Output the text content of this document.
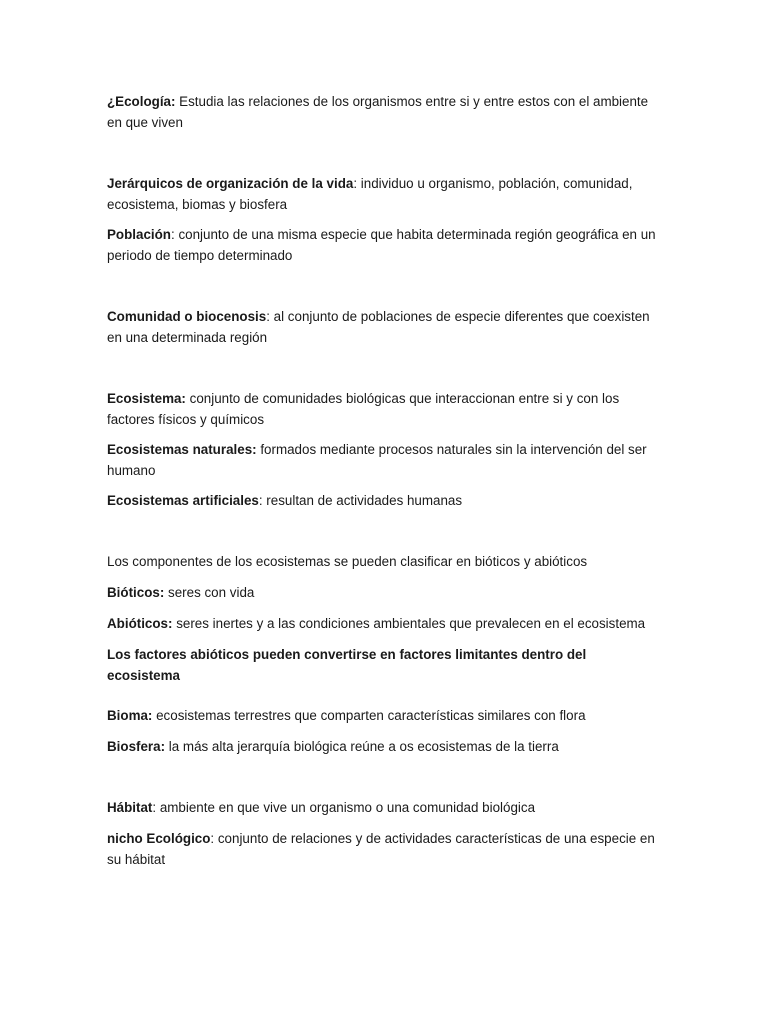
¿Ecología: Estudia las relaciones de los organismos entre si y entre estos con el ambiente en que viven

Jerárquicos de organización de la vida: individuo u organismo, población, comunidad, ecosistema, biomas y biosfera

Población: conjunto de una misma especie que habita determinada región geográfica en un periodo de tiempo determinado

Comunidad o biocenosis: al conjunto de poblaciones de especie diferentes que coexisten en una determinada región

Ecosistema: conjunto de comunidades biológicas que interaccionan entre si y con los factores físicos y químicos

Ecosistemas naturales: formados mediante procesos naturales sin la intervención del ser humano

Ecosistemas artificiales: resultan de actividades humanas

Los componentes de los ecosistemas se pueden clasificar en bióticos y abióticos

Bióticos: seres con vida

Abióticos: seres inertes y a las condiciones ambientales que prevalecen en el ecosistema

Los factores abióticos pueden convertirse en factores limitantes dentro del ecosistema

Bioma: ecosistemas terrestres que comparten características similares con flora

Biosfera: la más alta jerarquía biológica reúne a os ecosistemas de la tierra

Hábitat: ambiente en que vive un organismo o una comunidad biológica

nicho Ecológico: conjunto de relaciones y de actividades características de una especie en su hábitat
